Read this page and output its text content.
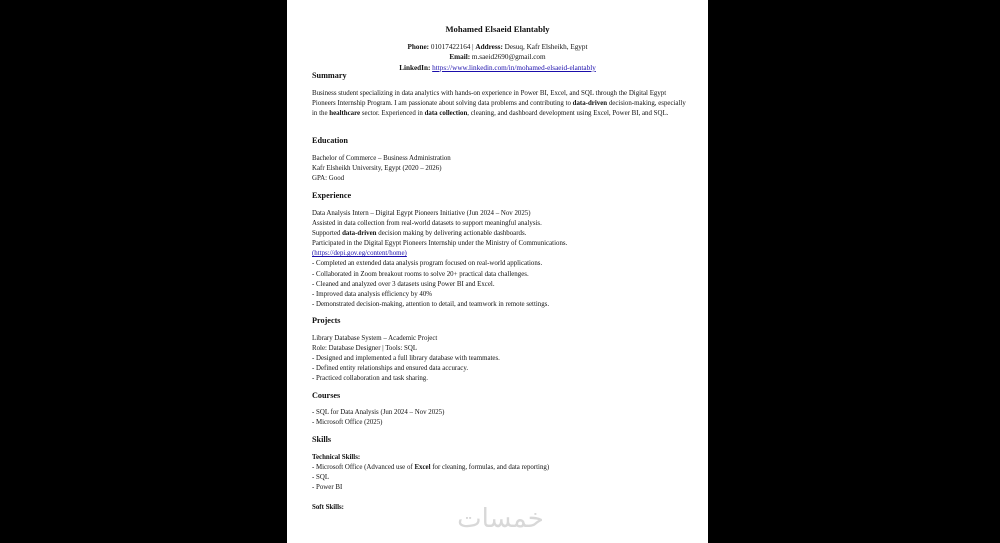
Mohamed Elsaeid Elantably
Phone: 01017422164 | Address: Desuq, Kafr Elsheikh, Egypt
Email: m.saeid2690@gmail.com
LinkedIn: https://www.linkedin.com/in/mohamed-elsaeid-elantably
Summary
Business student specializing in data analytics with hands-on experience in Power BI, Excel, and SQL through the Digital Egypt Pioneers Internship Program. I am passionate about solving data problems and contributing to data-driven decision-making, especially in the healthcare sector. Experienced in data collection, cleaning, and dashboard development using Excel, Power BI, and SQL.
Education

Bachelor of Commerce – Business Administration

Kafr Elsheikh University, Egypt (2020 – 2026)

GPA: Good

Experience

Data Analysis Intern – Digital Egypt Pioneers Initiative (Jun 2024 – Nov 2025)

Assisted in data collection from real-world datasets to support meaningful analysis.

Supported data-driven decision making by delivering actionable dashboards.

Participated in the Digital Egypt Pioneers Internship under the Ministry of Communications.

(https://depi.gov.eg/content/home)

- Completed an extended data analysis program focused on real-world applications.

- Collaborated in Zoom breakout rooms to solve 20+ practical data challenges.

- Cleaned and analyzed over 3 datasets using Power BI and Excel.

- Improved data analysis efficiency by 40%

- Demonstrated decision-making, attention to detail, and teamwork in remote settings.

Projects

Library Database System – Academic Project

Role: Database Designer | Tools: SQL

- Designed and implemented a full library database with teammates.

- Defined entity relationships and ensured data accuracy.

- Practiced collaboration and task sharing.

Courses

- SQL for Data Analysis (Jun 2024 – Nov 2025)

- Microsoft Office (2025)

Skills

Technical Skills:

- Microsoft Office (Advanced use of Excel for cleaning, formulas, and data reporting)

- SQL

- Power BI

Soft Skills:	خمسات
